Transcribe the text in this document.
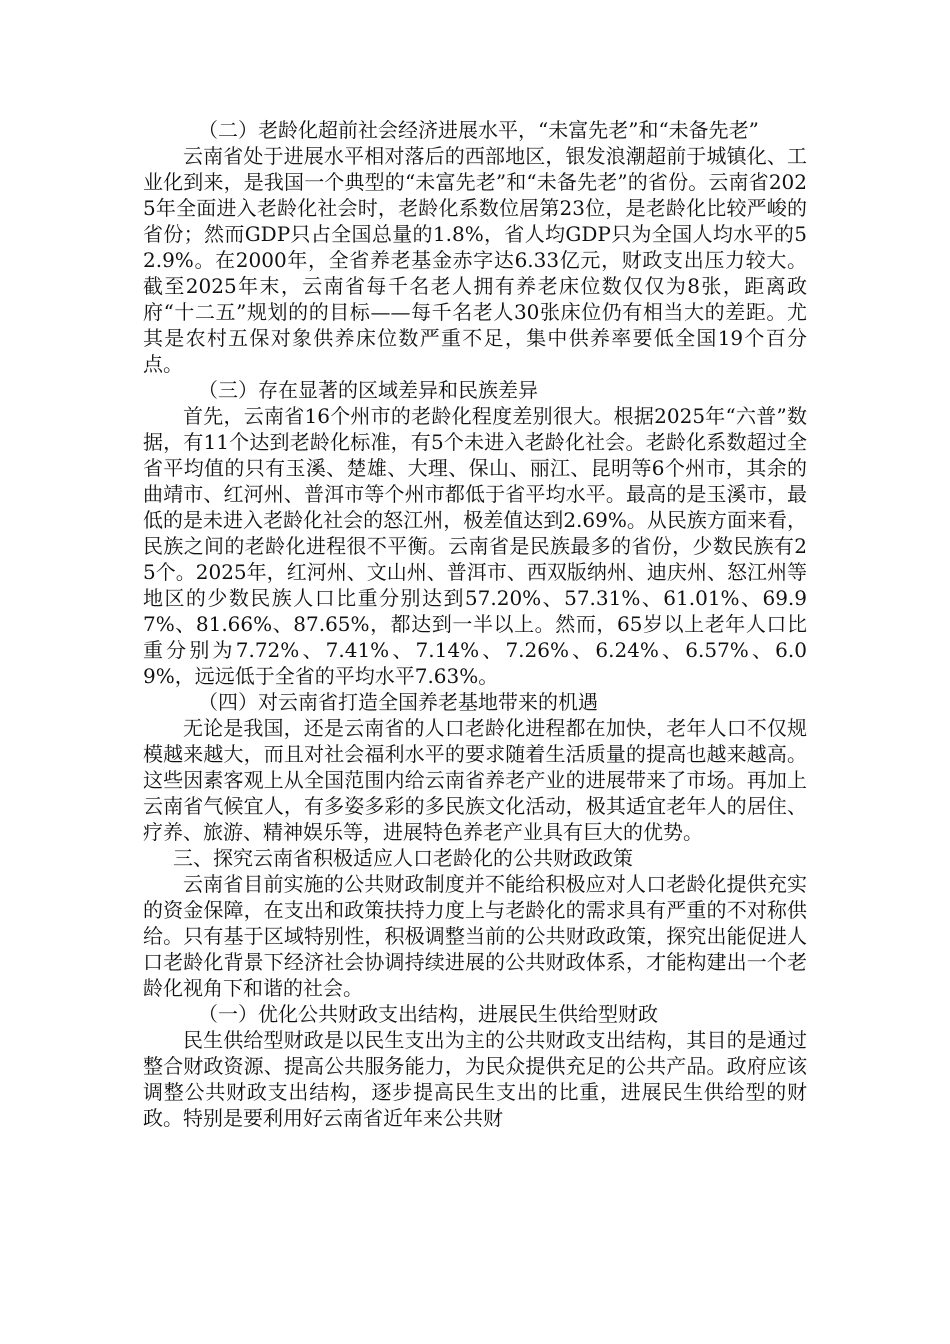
（二）老龄化超前社会经济进展水平，“未富先老”和“未备先老”

云南省处于进展水平相对落后的西部地区，银发浪潮超前于城镇化、工业化到来，是我国一个典型的“未富先老”和“未备先老”的省份。云南省2025年全面进入老龄化社会时，老龄化系数位居第23位，是老龄化比较严峻的省份；然而GDP只占全国总量的1.8%，省人均GDP只为全国人均水平的52.9%。在2000年，全省养老基金赤字达6.33亿元，财政支出压力较大。截至2025年末，云南省每千名老人拥有养老床位数仅仅为8张，距离政府“十二五”规划的的目标——每千名老人30张床位仍有相当大的差距。尤其是农村五保对象供养床位数严重不足，集中供养率要低全国19个百分点。

（三）存在显著的区域差异和民族差异

首先，云南省16个州市的老龄化程度差别很大。根据2025年“六普”数据，有11个达到老龄化标准，有5个未进入老龄化社会。老龄化系数超过全省平均值的只有玉溪、楚雄、大理、保山、丽江、昆明等6个州市，其余的曲靖市、红河州、普洱市等个州市都低于省平均水平。最高的是玉溪市，最低的是未进入老龄化社会的怒江州，极差值达到2.69%。从民族方面来看，民族之间的老龄化进程很不平衡。云南省是民族最多的省份，少数民族有25个。2025年，红河州、文山州、普洱市、西双版纳州、迪庆州、怒江州等地区的少数民族人口比重分别达到57.20%、57.31%、61.01%、69.97%、81.66%、87.65%，都达到一半以上。然而，65岁以上老年人口比重分别为7.72%、7.41%、7.14%、7.26%、6.24%、6.57%、6.09%，远远低于全省的平均水平7.63%。

（四）对云南省打造全国养老基地带来的机遇

无论是我国，还是云南省的人口老龄化进程都在加快，老年人口不仅规模越来越大，而且对社会福利水平的要求随着生活质量的提高也越来越高。这些因素客观上从全国范围内给云南省养老产业的进展带来了市场。再加上云南省气候宜人，有多姿多彩的多民族文化活动，极其适宜老年人的居住、疗养、旅游、精神娱乐等，进展特色养老产业具有巨大的优势。

三、探究云南省积极适应人口老龄化的公共财政政策

云南省目前实施的公共财政制度并不能给积极应对人口老龄化提供充实的资金保障，在支出和政策扶持力度上与老龄化的需求具有严重的不对称供给。只有基于区域特别性，积极调整当前的公共财政政策，探究出能促进人口老龄化背景下经济社会协调持续进展的公共财政体系，才能构建出一个老龄化视角下和谐的社会。

（一）优化公共财政支出结构，进展民生供给型财政

民生供给型财政是以民生支出为主的公共财政支出结构，其目的是通过整合财政资源、提高公共服务能力，为民众提供充足的公共产品。政府应该调整公共财政支出结构，逐步提高民生支出的比重，进展民生供给型的财政。特别是要利用好云南省近年来公共财
